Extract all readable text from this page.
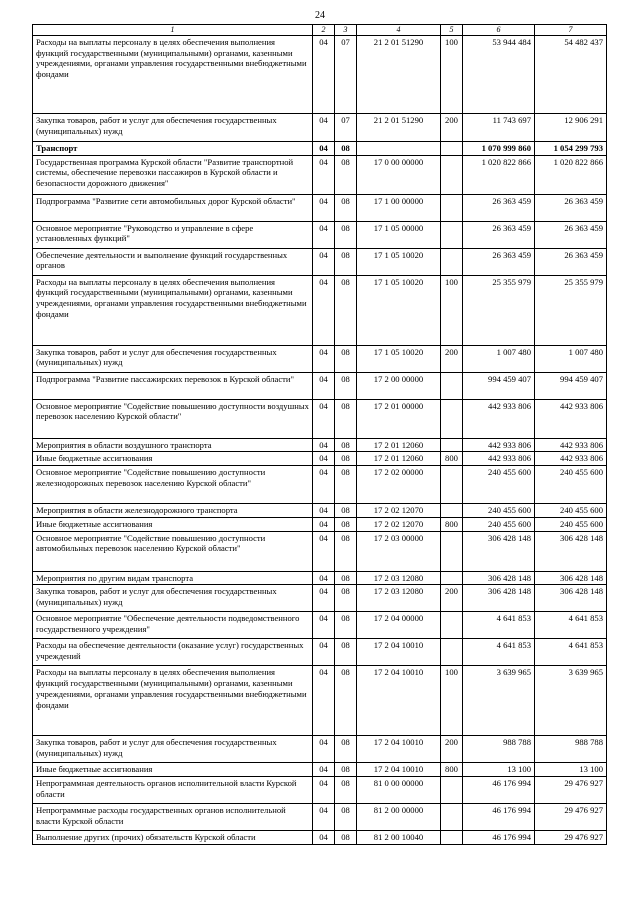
24
1	2	3	4	5	6	7
Расходы на выплаты персоналу в целях обеспечения выполнения функций государственными (муниципальными) органами, казенными учреждениями, органами управления государственными внебюджетными фондами	04	07	21 2 01 51290	100	53 944 484	54 482 437
Закупка товаров, работ и услуг для обеспечения государственных (муниципальных) нужд	04	07	21 2 01 51290	200	11 743 697	12 906 291
Транспорт	04	08			1 070 999 860	1 054 299 793
Государственная программа Курской области "Развитие транспортной системы, обеспечение перевозки пассажиров в Курской области и безопасности дорожного движения"	04	08	17 0 00 00000		1 020 822 866	1 020 822 866
Подпрограмма "Развитие сети автомобильных дорог Курской области"	04	08	17 1 00 00000		26 363 459	26 363 459
Основное мероприятие "Руководство и управление в сфере установленных функций"	04	08	17 1 05 00000		26 363 459	26 363 459
Обеспечение деятельности и выполнение функций государственных органов	04	08	17 1 05 10020		26 363 459	26 363 459
Расходы на выплаты персоналу в целях обеспечения выполнения функций государственными (муниципальными) органами, казенными учреждениями, органами управления государственными внебюджетными фондами	04	08	17 1 05 10020	100	25 355 979	25 355 979
Закупка товаров, работ и услуг для обеспечения государственных (муниципальных) нужд	04	08	17 1 05 10020	200	1 007 480	1 007 480
Подпрограмма "Развитие пассажирских перевозок в Курской области"	04	08	17 2 00 00000		994 459 407	994 459 407
Основное мероприятие "Содействие повышению доступности воздушных перевозок населению Курской области"	04	08	17 2 01 00000		442 933 806	442 933 806
Мероприятия в области воздушного транспорта	04	08	17 2 01 12060		442 933 806	442 933 806
Иные бюджетные ассигнования	04	08	17 2 01 12060	800	442 933 806	442 933 806
Основное мероприятие "Содействие повышению доступности железнодорожных перевозок населению Курской области"	04	08	17 2 02 00000		240 455 600	240 455 600
Мероприятия в области железнодорожного транспорта	04	08	17 2 02 12070		240 455 600	240 455 600
Иные бюджетные ассигнования	04	08	17 2 02 12070	800	240 455 600	240 455 600
Основное мероприятие "Содействие повышению доступности автомобильных перевозок населению Курской области"	04	08	17 2 03 00000		306 428 148	306 428 148
Мероприятия по другим видам транспорта	04	08	17 2 03 12080		306 428 148	306 428 148
Закупка товаров, работ и услуг для обеспечения государственных (муниципальных) нужд	04	08	17 2 03 12080	200	306 428 148	306 428 148
Основное мероприятие "Обеспечение деятельности подведомственного государственного учреждения"	04	08	17 2 04 00000		4 641 853	4 641 853
Расходы на обеспечение деятельности (оказание услуг) государственных учреждений	04	08	17 2 04 10010		4 641 853	4 641 853
Расходы на выплаты персоналу в целях обеспечения выполнения функций государственными (муниципальными) органами, казенными учреждениями, органами управления государственными внебюджетными фондами	04	08	17 2 04 10010	100	3 639 965	3 639 965
Закупка товаров, работ и услуг для обеспечения государственных (муниципальных) нужд	04	08	17 2 04 10010	200	988 788	988 788
Иные бюджетные ассигнования	04	08	17 2 04 10010	800	13 100	13 100
Непрограммная деятельность органов исполнительной власти Курской области	04	08	81 0 00 00000		46 176 994	29 476 927
Непрограммные расходы государственных органов исполнительной власти Курской области	04	08	81 2 00 00000		46 176 994	29 476 927
Выполнение других (прочих) обязательств Курской области	04	08	81 2 00 10040		46 176 994	29 476 927
